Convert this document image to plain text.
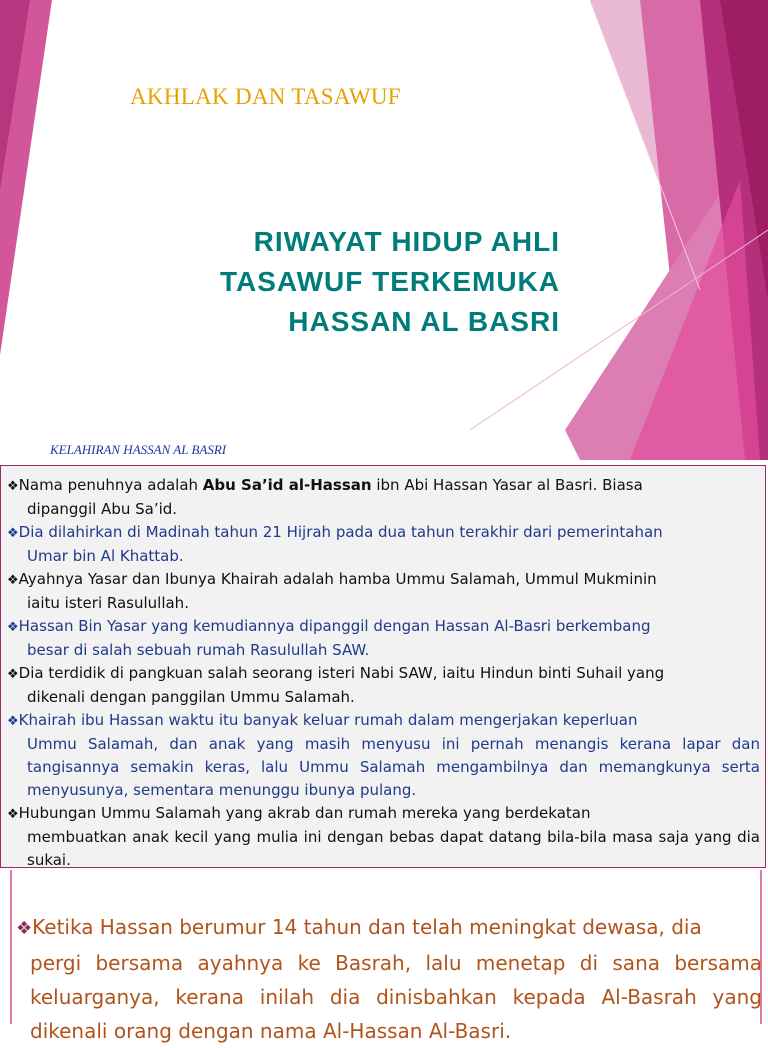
AKHLAK DAN TASAWUF
RIWAYAT HIDUP AHLI
TASAWUF TERKEMUKA
HASSAN AL BASRI
KELAHIRAN HASSAN AL BASRI
❖Nama penuhnya adalah Abu Sa’id al-Hassan ibn Abi Hassan Yasar al Basri. Biasa
dipanggil Abu Sa’id.
❖Dia dilahirkan di Madinah tahun 21 Hijrah pada dua tahun terakhir dari pemerintahan
Umar bin Al Khattab.
❖Ayahnya Yasar dan Ibunya Khairah adalah hamba Ummu Salamah, Ummul Mukminin
iaitu isteri Rasulullah.
❖Hassan Bin Yasar yang kemudiannya dipanggil dengan Hassan Al-Basri berkembang
besar di salah sebuah rumah Rasulullah SAW.
❖Dia terdidik di pangkuan salah seorang isteri Nabi SAW, iaitu Hindun binti Suhail yang
dikenali dengan panggilan Ummu Salamah.
❖Khairah ibu Hassan waktu itu banyak keluar rumah dalam mengerjakan keperluan
Ummu Salamah, dan anak yang masih menyusu ini pernah menangis kerana lapar dan tangisannya semakin keras, lalu Ummu Salamah mengambilnya dan memangkunya serta menyusunya, sementara menunggu ibunya pulang.
❖Hubungan Ummu Salamah yang akrab dan rumah mereka yang berdekatan
membuatkan anak kecil yang mulia ini dengan bebas dapat datang bila-bila masa saja yang dia sukai.
❖Ketika Hassan berumur 14 tahun dan telah meningkat dewasa, dia
pergi bersama ayahnya ke Basrah, lalu menetap di sana bersama keluarganya, kerana inilah dia dinisbahkan kepada Al-Basrah yang dikenali orang dengan nama Al-Hassan Al-Basri.
